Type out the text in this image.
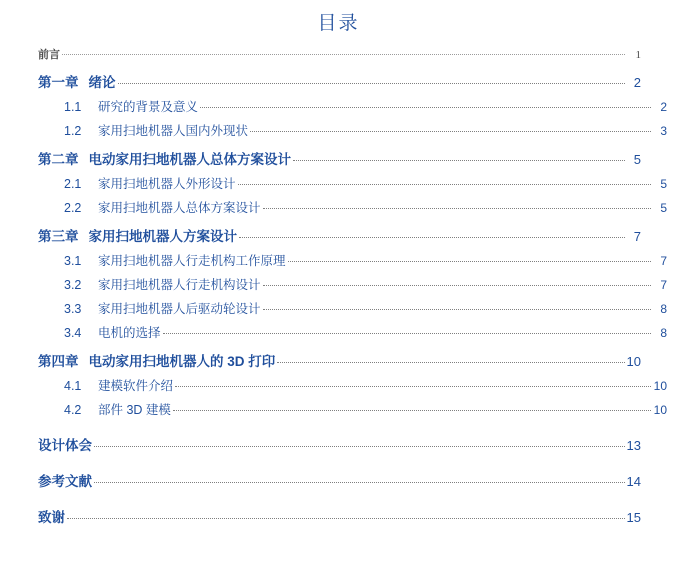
目录
前言	1
第一章 绪论	2
1.1 研究的背景及意义	2
1.2 家用扫地机器人国内外现状	3
第二章 电动家用扫地机器人总体方案设计	5
2.1 家用扫地机器人外形设计	5
2.2 家用扫地机器人总体方案设计	5
第三章 家用扫地机器人方案设计	7
3.1 家用扫地机器人行走机构工作原理	7
3.2 家用扫地机器人行走机构设计	7
3.3 家用扫地机器人后驱动轮设计	8
3.4 电机的选择	8
第四章 电动家用扫地机器人的 3D 打印	10
4.1 建模软件介绍	10
4.2 部件 3D 建模	10
设计体会	13
参考文献	14
致谢	15
